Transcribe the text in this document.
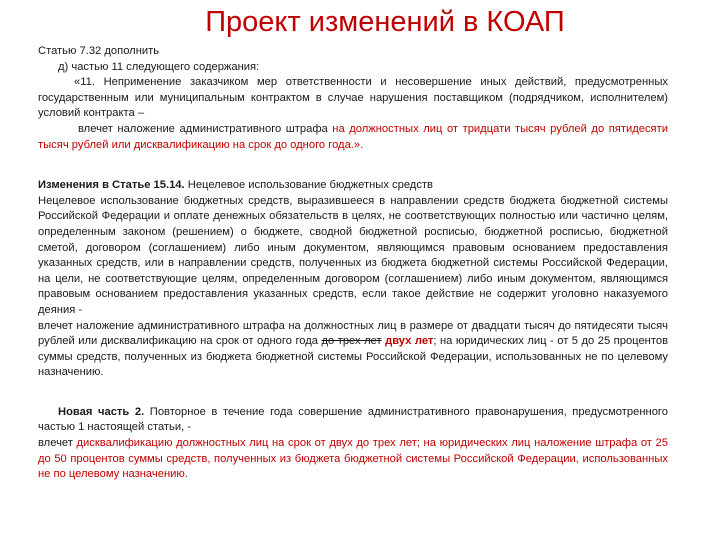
Проект изменений в КОАП

Статью 7.32 дополнить

д) частью 11 следующего содержания:

«11. Неприменение заказчиком мер ответственности и несовершение иных действий, предусмотренных государственным или муниципальным контрактом в случае нарушения поставщиком (подрядчиком, исполнителем) условий контракта –

влечет наложение административного штрафа на должностных лиц от тридцати тысяч рублей до пятидесяти тысяч рублей или дисквалификацию на срок до одного года.».

Изменения в Статье 15.14. Нецелевое использование бюджетных средств

Нецелевое использование бюджетных средств, выразившееся в направлении средств бюджета бюджетной системы Российской Федерации и оплате денежных обязательств в целях, не соответствующих полностью или частично целям, определенным законом (решением) о бюджете, сводной бюджетной росписью, бюджетной росписью, бюджетной сметой, договором (соглашением) либо иным документом, являющимся правовым основанием предоставления указанных средств, или в направлении средств, полученных из бюджета бюджетной системы Российской Федерации, на цели, не соответствующие целям, определенным договором (соглашением) либо иным документом, являющимся правовым основанием предоставления указанных средств, если такое действие не содержит уголовно наказуемого деяния -

влечет наложение административного штрафа на должностных лиц в размере от двадцати тысяч до пятидесяти тысяч рублей или дисквалификацию на срок от одного года до трех лет двух лет; на юридических лиц - от 5 до 25 процентов суммы средств, полученных из бюджета бюджетной системы Российской Федерации, использованных не по целевому назначению.

Новая часть 2. Повторное в течение года совершение административного правонарушения, предусмотренного частью 1 настоящей статьи, -

влечет дисквалификацию должностных лиц на срок от двух до трех лет; на юридических лиц наложение штрафа от 25 до 50 процентов суммы средств, полученных из бюджета бюджетной системы Российской Федерации, использованных не по целевому назначению.
